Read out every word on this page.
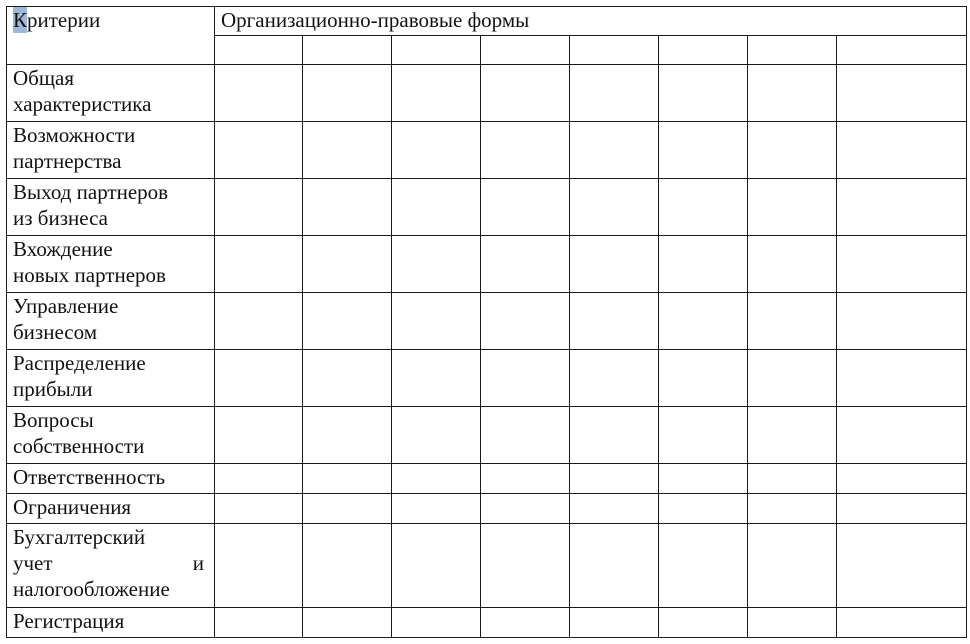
Критерии	Организационно-правовые формы							

Общая
характеристика								

Возможности
партнерства								

Выход партнеров
из бизнеса								

Вхождение
новых партнеров								

Управление
бизнесом								

Распределение
прибыли								

Вопросы
собственности								

Ответственность								

Ограничения								

Бухгалтерский
учет и
налогообложение								

Регистрация								
